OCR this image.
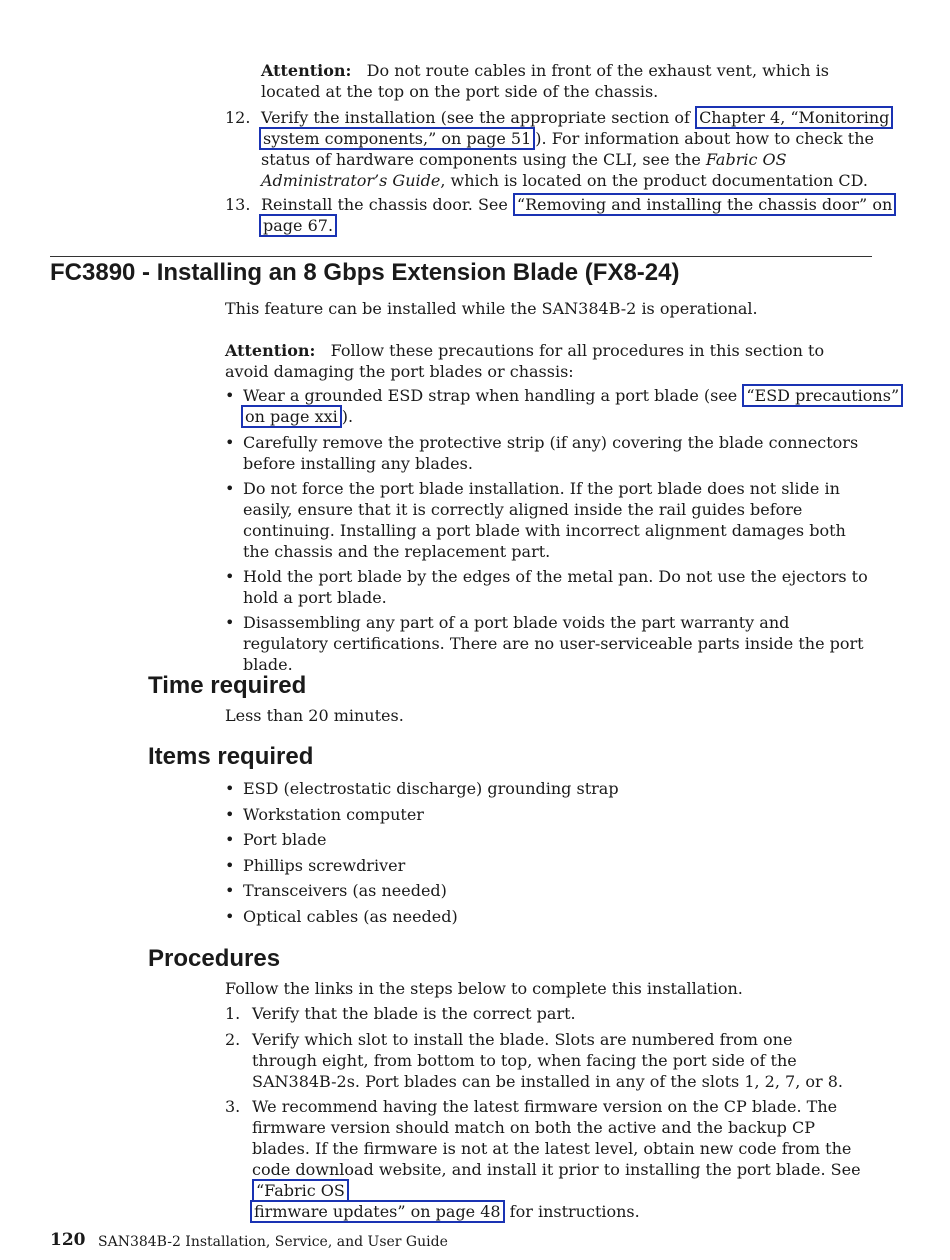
Attention: Do not route cables in front of the exhaust vent, which is located at the top on the port side of the chassis.

12. Verify the installation (see the appropriate section of Chapter 4, “Monitoring
system components,” on page 51 ). For information about how to check the
status of hardware components using the CLI, see the Fabric OS
Administrator’s Guide, which is located on the product documentation CD.
13. Reinstall the chassis door. See “Removing and installing the chassis door” on
page 67.
FC3890 - Installing an 8 Gbps Extension Blade (FX8-24)

This feature can be installed while the SAN384B-2 is operational.

Attention: Follow these precautions for all procedures in this section to avoid damaging the port blades or chassis:

• Wear a grounded ESD strap when handling a port blade (see “ESD precautions”
on page xxi ).
• Carefully remove the protective strip (if any) covering the blade connectors before installing any blades.

• Do not force the port blade installation. If the port blade does not slide in easily, ensure that it is correctly aligned inside the rail guides before continuing. Installing a port blade with incorrect alignment damages both the chassis and the replacement part.

• Hold the port blade by the edges of the metal pan. Do not use the ejectors to hold a port blade.

• Disassembling any part of a port blade voids the part warranty and regulatory certifications. There are no user-serviceable parts inside the port blade.

Time required

Less than 20 minutes.

Items required
• ESD (electrostatic discharge) grounding strap

• Workstation computer

• Port blade

• Phillips screwdriver

• Transceivers (as needed)

• Optical cables (as needed)

Procedures

Follow the links in the steps below to complete this installation.

1. Verify that the blade is the correct part.

2. Verify which slot to install the blade. Slots are numbered from one through eight, from bottom to top, when facing the port side of the SAN384B-2s. Port blades can be installed in any of the slots 1, 2, 7, or 8.

3. We recommend having the latest firmware version on the CP blade. The firmware version should match on both the active and the backup CP blades. If the firmware is not at the latest level, obtain new code from the code download website, and install it prior to installing the port blade. See “Fabric OS
firmware updates” on page 48 for instructions.
120 SAN384B-2 Installation, Service, and User Guide
